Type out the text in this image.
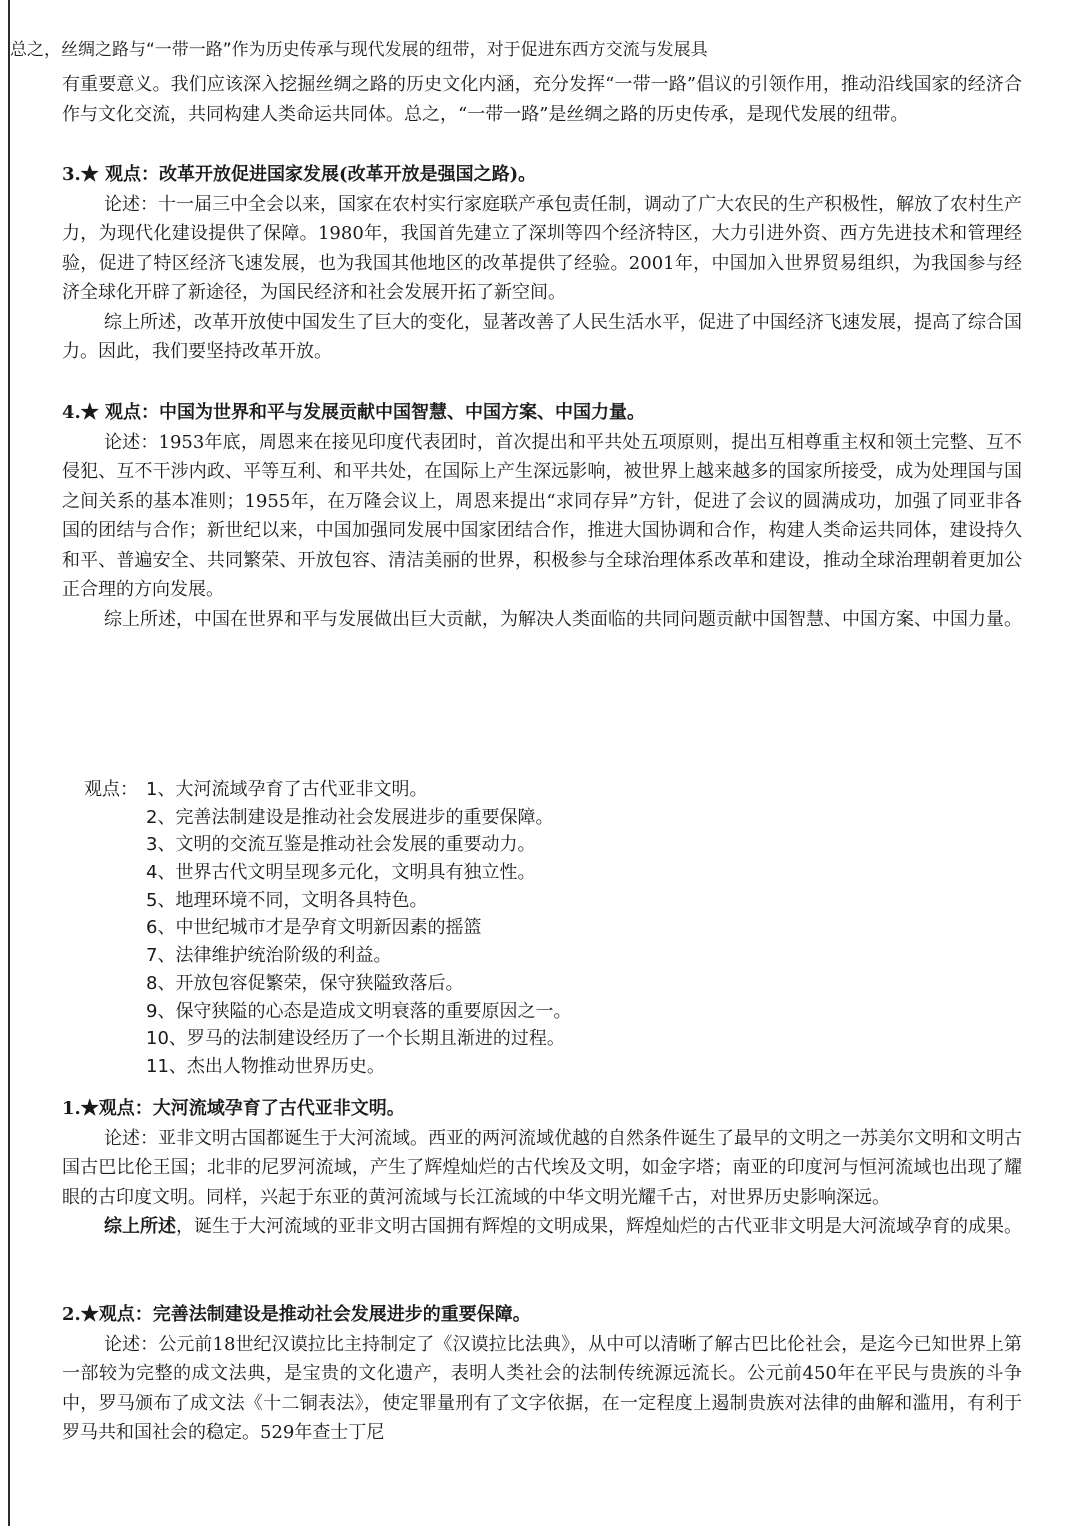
总之，丝绸之路与“一带一路”作为历史传承与现代发展的纽带，对于促进东西方交流与发展具

有重要意义。我们应该深入挖掘丝绸之路的历史文化内涵，充分发挥“一带一路”倡议的引领作用，推动沿线国家的经济合作与文化交流，共同构建人类命运共同体。总之，“一带一路”是丝绸之路的历史传承，是现代发展的纽带。

3.★ 观点：改革开放促进国家发展(改革开放是强国之路)。

论述：十一届三中全会以来，国家在农村实行家庭联产承包责任制，调动了广大农民的生产积极性，解放了农村生产力，为现代化建设提供了保障。1980年，我国首先建立了深圳等四个经济特区，大力引进外资、西方先进技术和管理经验，促进了特区经济飞速发展，也为我国其他地区的改革提供了经验。2001年，中国加入世界贸易组织，为我国参与经济全球化开辟了新途径，为国民经济和社会发展开拓了新空间。

综上所述，改革开放使中国发生了巨大的变化，显著改善了人民生活水平，促进了中国经济飞速发展，提高了综合国力。因此，我们要坚持改革开放。

4.★ 观点：中国为世界和平与发展贡献中国智慧、中国方案、中国力量。

论述：1953年底，周恩来在接见印度代表团时，首次提出和平共处五项原则，提出互相尊重主权和领土完整、互不侵犯、互不干涉内政、平等互利、和平共处，在国际上产生深远影响，被世界上越来越多的国家所接受，成为处理国与国之间关系的基本准则；1955年，在万隆会议上，周恩来提出“求同存异”方针，促进了会议的圆满成功，加强了同亚非各国的团结与合作；新世纪以来，中国加强同发展中国家团结合作，推进大国协调和合作，构建人类命运共同体，建设持久和平、普遍安全、共同繁荣、开放包容、清洁美丽的世界，积极参与全球治理体系改革和建设，推动全球治理朝着更加公正合理的方向发展。

综上所述，中国在世界和平与发展做出巨大贡献，为解决人类面临的共同问题贡献中国智慧、中国方案、中国力量。

观点： 1、大河流域孕育了古代亚非文明。
2、完善法制建设是推动社会发展进步的重要保障。
3、文明的交流互鉴是推动社会发展的重要动力。
4、世界古代文明呈现多元化，文明具有独立性。
5、地理环境不同，文明各具特色。
6、中世纪城市才是孕育文明新因素的摇篮
7、法律维护统治阶级的利益。
8、开放包容促繁荣，保守狭隘致落后。
9、保守狭隘的心态是造成文明衰落的重要原因之一。
10、罗马的法制建设经历了一个长期且渐进的过程。
11、杰出人物推动世界历史。

1.★观点：大河流域孕育了古代亚非文明。

论述：亚非文明古国都诞生于大河流域。西亚的两河流域优越的自然条件诞生了最早的文明之一苏美尔文明和文明古国古巴比伦王国；北非的尼罗河流域，产生了辉煌灿烂的古代埃及文明，如金字塔；南亚的印度河与恒河流域也出现了耀眼的古印度文明。同样，兴起于东亚的黄河流域与长江流域的中华文明光耀千古，对世界历史影响深远。

综上所述，诞生于大河流域的亚非文明古国拥有辉煌的文明成果，辉煌灿烂的古代亚非文明是大河流域孕育的成果。

2.★观点：完善法制建设是推动社会发展进步的重要保障。

论述：公元前18世纪汉谟拉比主持制定了《汉谟拉比法典》，从中可以清晰了解古巴比伦社会，是迄今已知世界上第一部较为完整的成文法典，是宝贵的文化遗产，表明人类社会的法制传统源远流长。公元前450年在平民与贵族的斗争中，罗马颁布了成文法《十二铜表法》，使定罪量刑有了文字依据，在一定程度上遏制贵族对法律的曲解和滥用，有利于罗马共和国社会的稳定。529年查士丁尼
